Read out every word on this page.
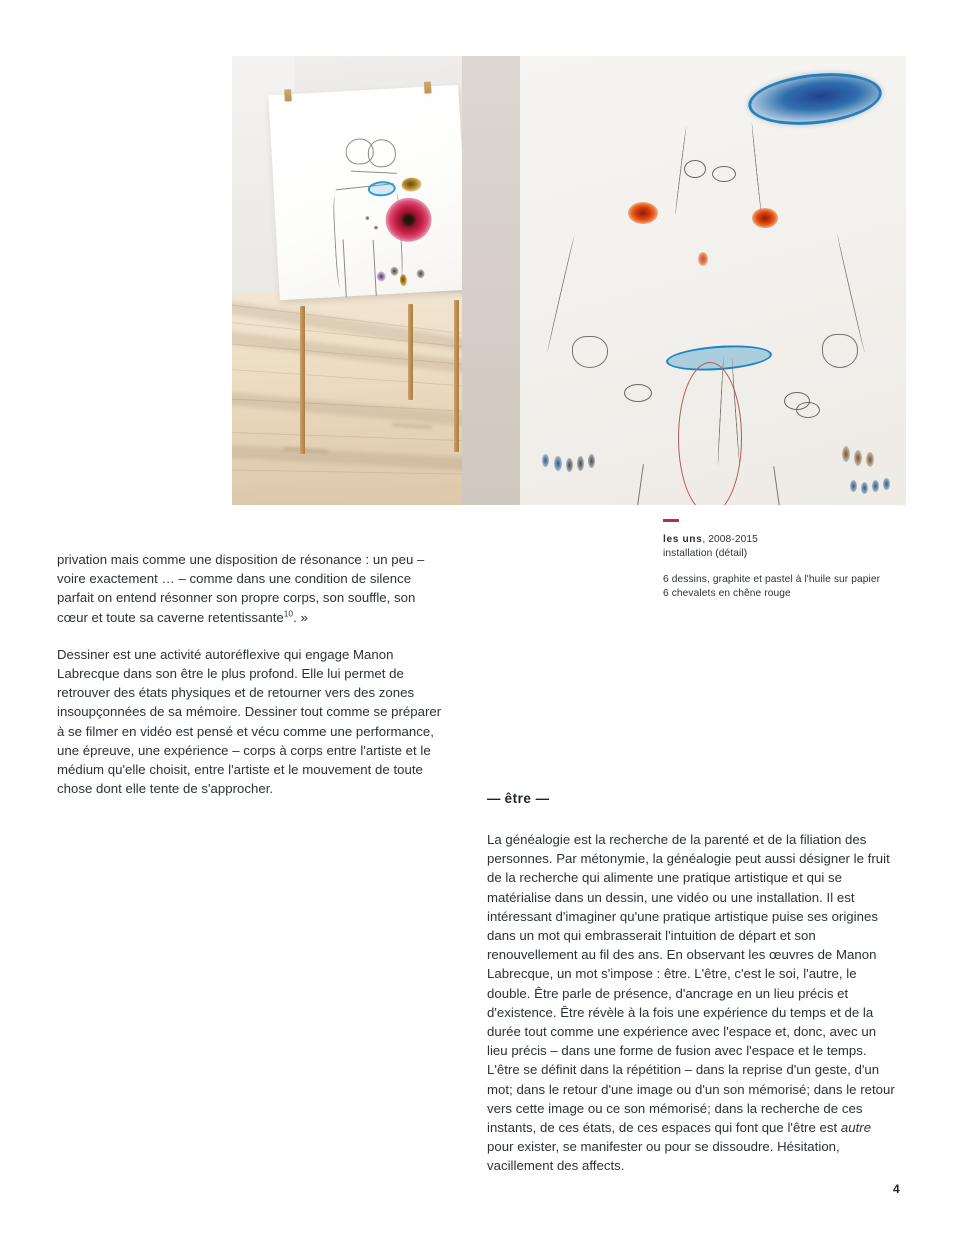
les uns, 2008-2015
installation (détail)
6 dessins, graphite et pastel à l'huile sur papier
6 chevalets en chêne rouge

privation mais comme une disposition de résonance : un peu – voire exactement … – comme dans une condition de silence parfait on entend résonner son propre corps, son souffle, son cœur et toute sa caverne retentissante$^{10}$. »

Dessiner est une activité autoréflexive qui engage Manon Labrecque dans son être le plus profond. Elle lui permet de retrouver des états physiques et de retourner vers des zones insoupçonnées de sa mémoire. Dessiner tout comme se préparer à se filmer en vidéo est pensé et vécu comme une performance, une épreuve, une expérience – corps à corps entre l'artiste et le médium qu'elle choisit, entre l'artiste et le mouvement de toute chose dont elle tente de s'approcher.

— être —

La généalogie est la recherche de la parenté et de la filiation des personnes. Par métonymie, la généalogie peut aussi désigner le fruit de la recherche qui alimente une pratique artistique et qui se matérialise dans un dessin, une vidéo ou une installation. Il est intéressant d'imaginer qu'une pratique artistique puise ses origines dans un mot qui embrasserait l'intuition de départ et son renouvellement au fil des ans. En observant les œuvres de Manon Labrecque, un mot s'impose : être. L'être, c'est le soi, l'autre, le double. Être parle de présence, d'ancrage en un lieu précis et d'existence. Être révèle à la fois une expérience du temps et de la durée tout comme une expérience avec l'espace et, donc, avec un lieu précis – dans une forme de fusion avec l'espace et le temps. L'être se définit dans la répétition – dans la reprise d'un geste, d'un mot; dans le retour d'une image ou d'un son mémorisé; dans le retour vers cette image ou ce son mémorisé; dans la recherche de ces instants, de ces états, de ces espaces qui font que l'être est autre pour exister, se manifester ou pour se dissoudre. Hésitation, vacillement des affects.

4
